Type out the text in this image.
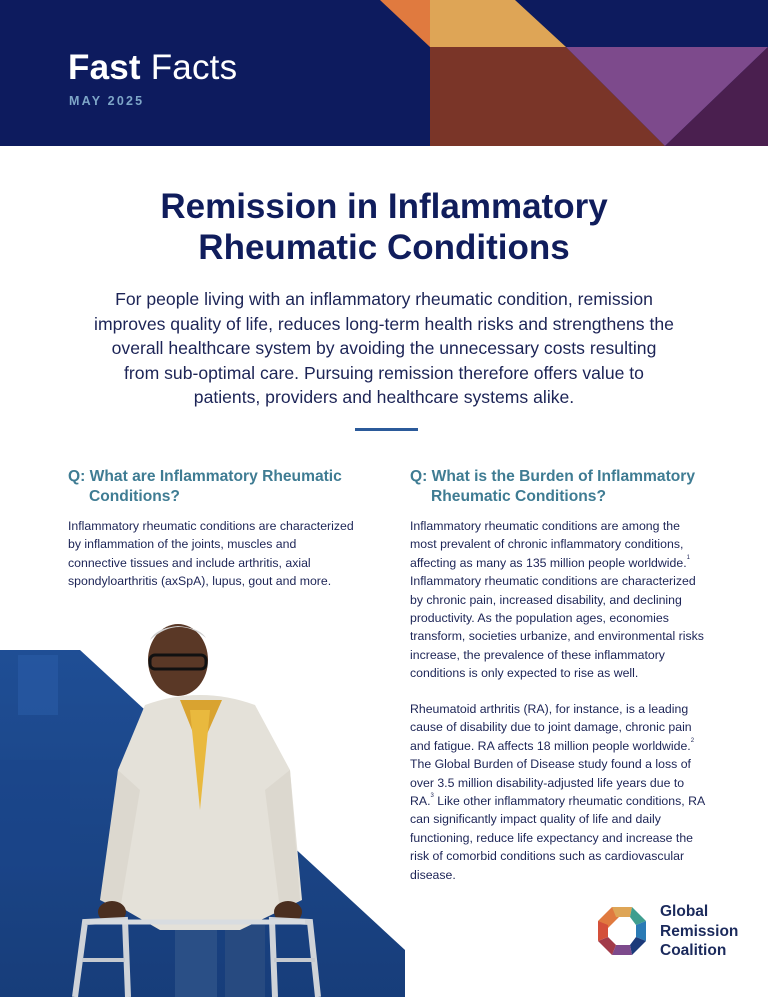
Fast Facts
MAY 2025
Remission in Inflammatory
Rheumatic Conditions
For people living with an inflammatory rheumatic condition, remission improves quality of life, reduces long-term health risks and strengthens the overall healthcare system by avoiding the unnecessary costs resulting from sub-optimal care. Pursuing remission therefore offers value to patients, providers and healthcare systems alike.
Q: What are Inflammatory Rheumatic
Conditions?
Inflammatory rheumatic conditions are characterized by inflammation of the joints, muscles and connective tissues and include arthritis, axial spondyloarthritis (axSpA), lupus, gout and more.
Q: What is the Burden of Inflammatory
Rheumatic Conditions?
Inflammatory rheumatic conditions are among the most prevalent of chronic inflammatory conditions, affecting as many as 135 million people worldwide.$^1$ Inflammatory rheumatic conditions are characterized by chronic pain, increased disability, and declining productivity. As the population ages, economies transform, societies urbanize, and environmental risks increase, the prevalence of these inflammatory conditions is only expected to rise as well.
Rheumatoid arthritis (RA), for instance, is a leading cause of disability due to joint damage, chronic pain and fatigue. RA affects 18 million people worldwide.$^2$ The Global Burden of Disease study found a loss of over 3.5 million disability-adjusted life years due to RA.$^3$ Like other inflammatory rheumatic conditions, RA can significantly impact quality of life and daily functioning, reduce life expectancy and increase the risk of comorbid conditions such as cardiovascular disease.
Global
Remission
Coalition
